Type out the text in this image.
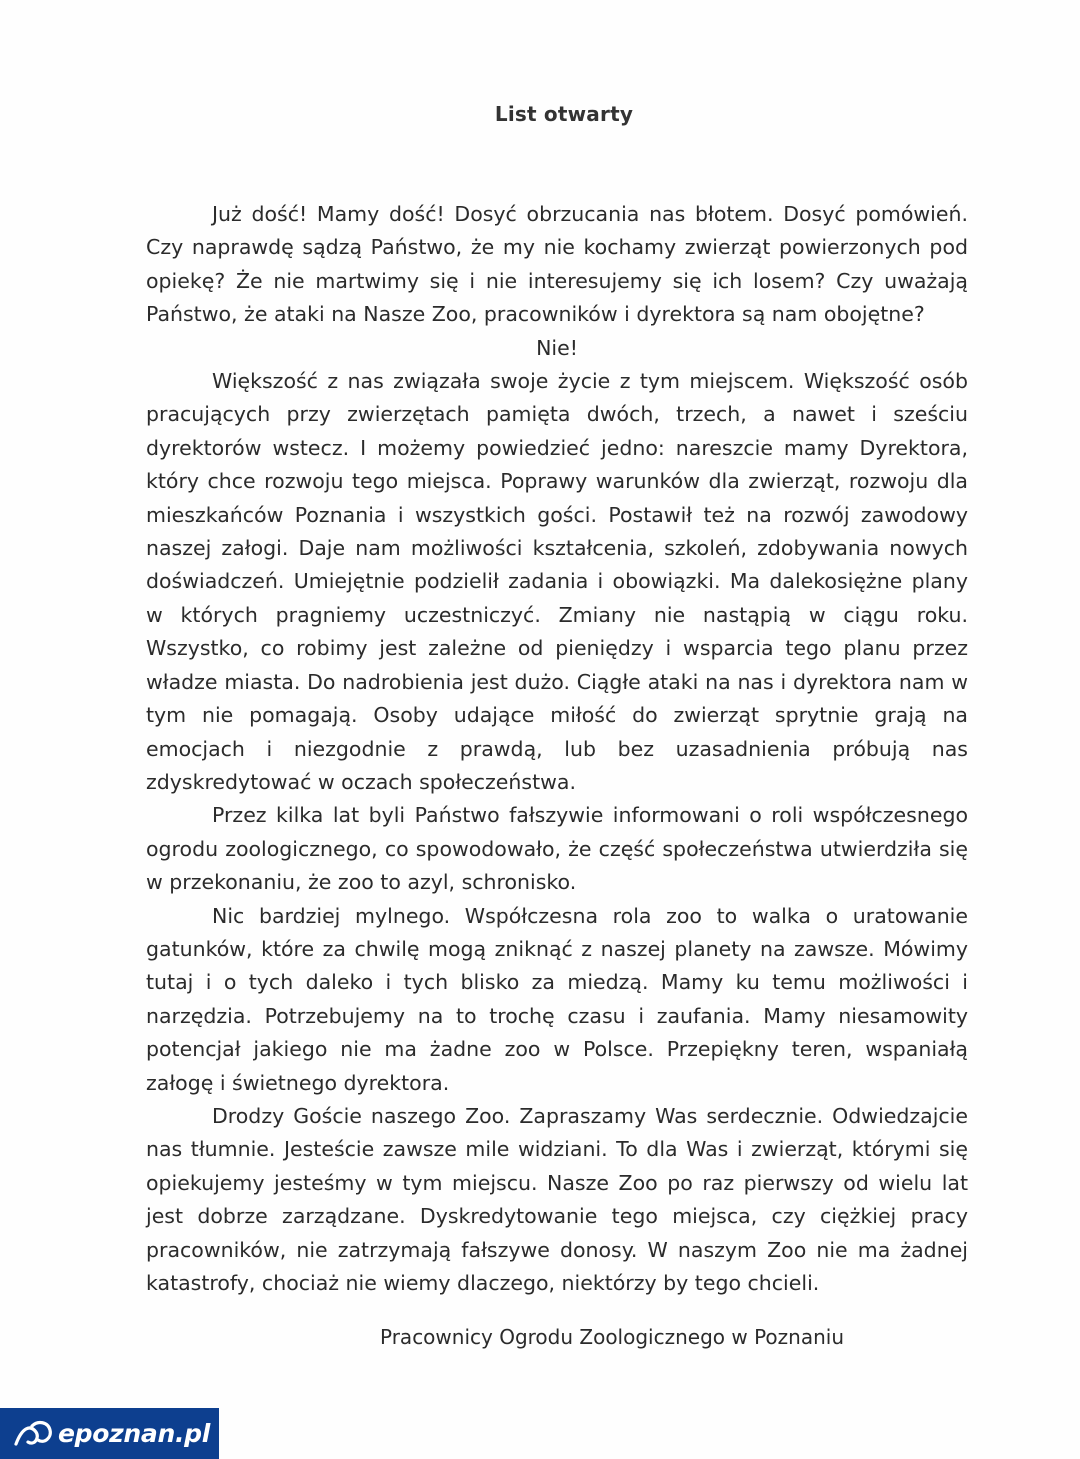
List otwarty

Już dość! Mamy dość! Dosyć obrzucania nas błotem. Dosyć pomówień. Czy naprawdę sądzą Państwo, że my nie kochamy zwierząt powierzonych pod opiekę? Że nie martwimy się i nie interesujemy się ich losem? Czy uważają Państwo, że ataki na Nasze Zoo, pracowników i dyrektora są nam obojętne?

Nie!

Większość z nas związała swoje życie z tym miejscem. Większość osób pracujących przy zwierzętach pamięta dwóch, trzech, a nawet i sześciu dyrektorów wstecz. I możemy powiedzieć jedno: nareszcie mamy Dyrektora, który chce rozwoju tego miejsca. Poprawy warunków dla zwierząt, rozwoju dla mieszkańców Poznania i wszystkich gości. Postawił też na rozwój zawodowy naszej załogi. Daje nam możliwości kształcenia, szkoleń, zdobywania nowych doświadczeń. Umiejętnie podzielił zadania i obowiązki. Ma dalekosiężne plany w których pragniemy uczestniczyć. Zmiany nie nastąpią w ciągu roku. Wszystko, co robimy jest zależne od pieniędzy i wsparcia tego planu przez władze miasta. Do nadrobienia jest dużo. Ciągłe ataki na nas i dyrektora nam w tym nie pomagają. Osoby udające miłość do zwierząt sprytnie grają na emocjach i niezgodnie z prawdą, lub bez uzasadnienia próbują nas zdyskredytować w oczach społeczeństwa.

Przez kilka lat byli Państwo fałszywie informowani o roli współczesnego ogrodu zoologicznego, co spowodowało, że część społeczeństwa utwierdziła się w przekonaniu, że zoo to azyl, schronisko.

Nic bardziej mylnego. Współczesna rola zoo to walka o uratowanie gatunków, które za chwilę mogą zniknąć z naszej planety na zawsze. Mówimy tutaj i o tych daleko i tych blisko za miedzą. Mamy ku temu możliwości i narzędzia. Potrzebujemy na to trochę czasu i zaufania. Mamy niesamowity potencjał jakiego nie ma żadne zoo w Polsce. Przepiękny teren, wspaniałą załogę i świetnego dyrektora.

Drodzy Goście naszego Zoo. Zapraszamy Was serdecznie. Odwiedzajcie nas tłumnie. Jesteście zawsze mile widziani. To dla Was i zwierząt, którymi się opiekujemy jesteśmy w tym miejscu. Nasze Zoo po raz pierwszy od wielu lat jest dobrze zarządzane. Dyskredytowanie tego miejsca, czy ciężkiej pracy pracowników, nie zatrzymają fałszywe donosy. W naszym Zoo nie ma żadnej katastrofy, chociaż nie wiemy dlaczego, niektórzy by tego chcieli.

Pracownicy Ogrodu Zoologicznego w Poznaniu
epoznan.pl
